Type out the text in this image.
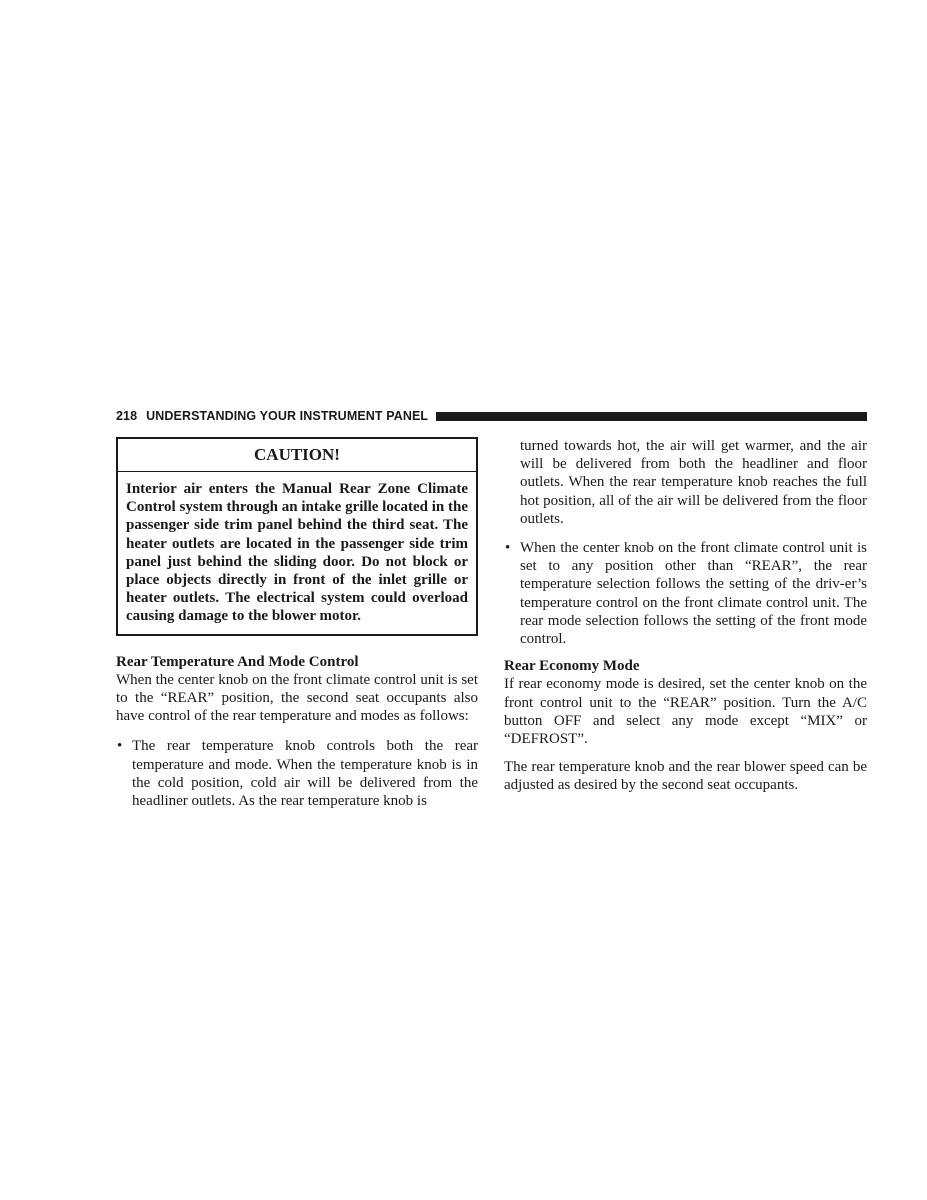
218 UNDERSTANDING YOUR INSTRUMENT PANEL
CAUTION!
Interior air enters the Manual Rear Zone Climate Control system through an intake grille located in the passenger side trim panel behind the third seat. The heater outlets are located in the passenger side trim panel just behind the sliding door. Do not block or place objects directly in front of the inlet grille or heater outlets. The electrical system could overload causing damage to the blower motor.

Rear Temperature And Mode Control

When the center knob on the front climate control unit is set to the “REAR” position, the second seat occupants also have control of the rear temperature and modes as follows:

• The rear temperature knob controls both the rear temperature and mode. When the temperature knob is in the cold position, cold air will be delivered from the headliner outlets. As the rear temperature knob is
turned towards hot, the air will get warmer, and the air will be delivered from both the headliner and floor outlets. When the rear temperature knob reaches the full hot position, all of the air will be delivered from the floor outlets.
• When the center knob on the front climate control unit is set to any position other than “REAR”, the rear temperature selection follows the setting of the driv-er’s temperature control on the front climate control unit. The rear mode selection follows the setting of the front mode control.

Rear Economy Mode

If rear economy mode is desired, set the center knob on the front control unit to the “REAR” position. Turn the A/C button OFF and select any mode except “MIX” or “DEFROST”.

The rear temperature knob and the rear blower speed can be adjusted as desired by the second seat occupants.
